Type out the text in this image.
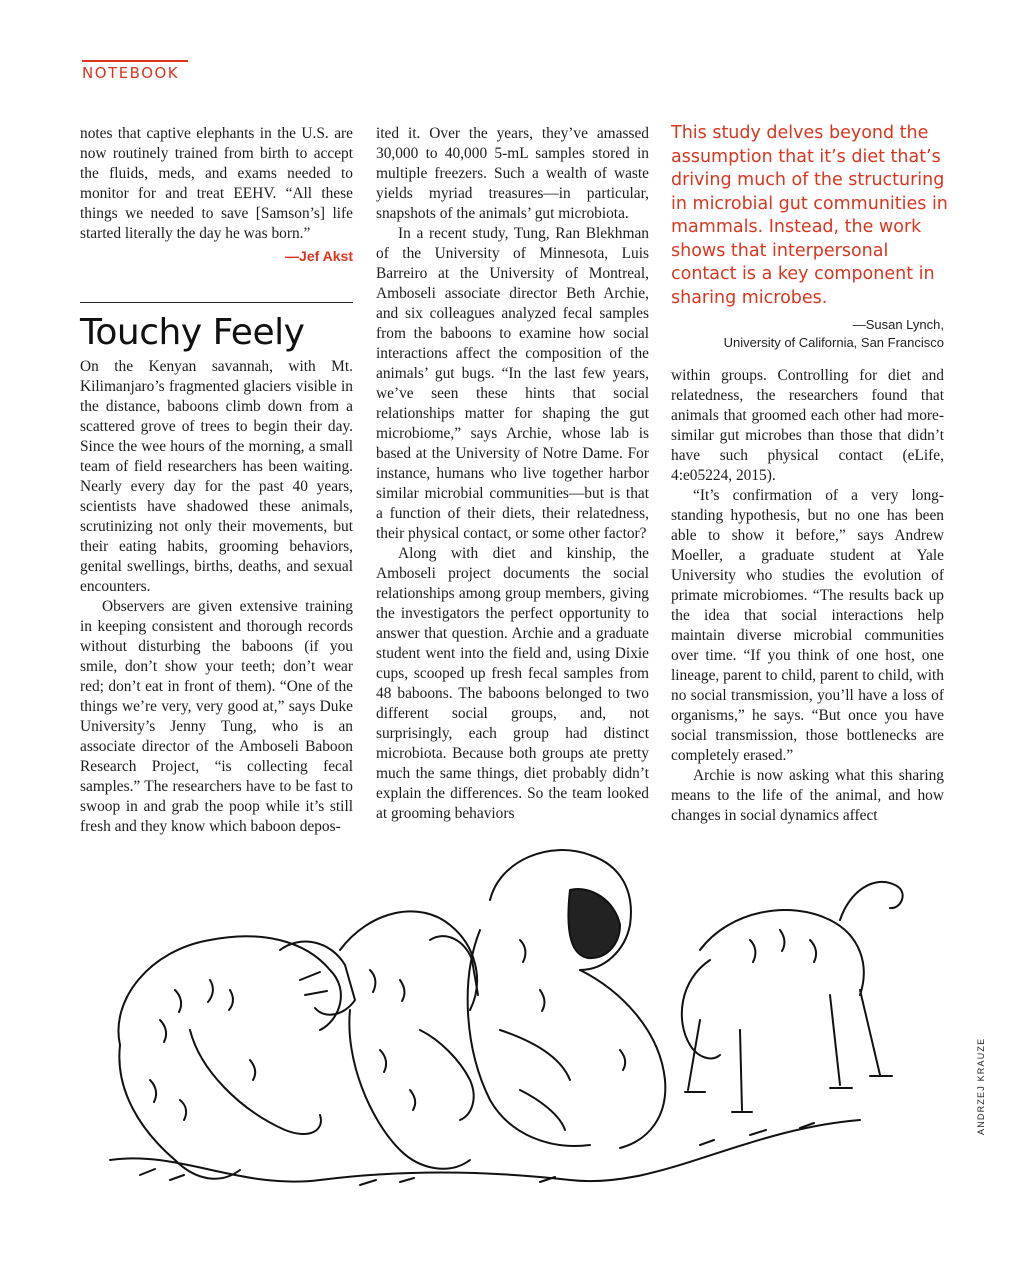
NOTEBOOK

notes that captive elephants in the U.S. are now routinely trained from birth to accept the fluids, meds, and exams needed to monitor for and treat EEHV. “All these things we needed to save [Samson’s] life started literally the day he was born.”

—Jef Akst
Touchy Feely

On the Kenyan savannah, with Mt. Kilimanjaro’s fragmented glaciers visible in the distance, baboons climb down from a scattered grove of trees to begin their day. Since the wee hours of the morning, a small team of field researchers has been waiting. Nearly every day for the past 40 years, scientists have shadowed these animals, scrutinizing not only their movements, but their eating habits, grooming behaviors, genital swellings, births, deaths, and sexual encounters.

Observers are given extensive training in keeping consistent and thorough records without disturbing the baboons (if you smile, don’t show your teeth; don’t wear red; don’t eat in front of them). “One of the things we’re very, very good at,” says Duke University’s Jenny Tung, who is an associate director of the Amboseli Baboon Research Project, “is collecting fecal samples.” The researchers have to be fast to swoop in and grab the poop while it’s still fresh and they know which baboon depos-

ited it. Over the years, they’ve amassed 30,000 to 40,000 5-mL samples stored in multiple freezers. Such a wealth of waste yields myriad treasures—in particular, snapshots of the animals’ gut microbiota.

In a recent study, Tung, Ran Blekhman of the University of Minnesota, Luis Barreiro at the University of Montreal, Amboseli associate director Beth Archie, and six colleagues analyzed fecal samples from the baboons to examine how social interactions affect the composition of the animals’ gut bugs. “In the last few years, we’ve seen these hints that social relationships matter for shaping the gut microbiome,” says Archie, whose lab is based at the University of Notre Dame. For instance, humans who live together harbor similar microbial communities—but is that a function of their diets, their relatedness, their physical contact, or some other factor?

Along with diet and kinship, the Amboseli project documents the social relationships among group members, giving the investigators the perfect opportunity to answer that question. Archie and a graduate student went into the field and, using Dixie cups, scooped up fresh fecal samples from 48 baboons. The baboons belonged to two different social groups, and, not surprisingly, each group had distinct microbiota. Because both groups ate pretty much the same things, diet probably didn’t explain the differences. So the team looked at grooming behaviors

This study delves beyond the assumption that it’s diet that’s driving much of the structuring in microbial gut communities in mammals. Instead, the work shows that interpersonal contact is a key component in sharing microbes.
—Susan Lynch,
University of California, San Francisco

within groups. Controlling for diet and relatedness, the researchers found that animals that groomed each other had more-similar gut microbes than those that didn’t have such physical contact (eLife, 4:e05224, 2015).

“It’s confirmation of a very long-standing hypothesis, but no one has been able to show it before,” says Andrew Moeller, a graduate student at Yale University who studies the evolution of primate microbiomes. “The results back up the idea that social interactions help maintain diverse microbial communities over time. “If you think of one host, one lineage, parent to child, parent to child, with no social transmission, you’ll have a loss of organisms,” he says. “But once you have social transmission, those bottlenecks are completely erased.”

Archie is now asking what this sharing means to the life of the animal, and how changes in social dynamics affect

ANDRZEJ KRAUZE
